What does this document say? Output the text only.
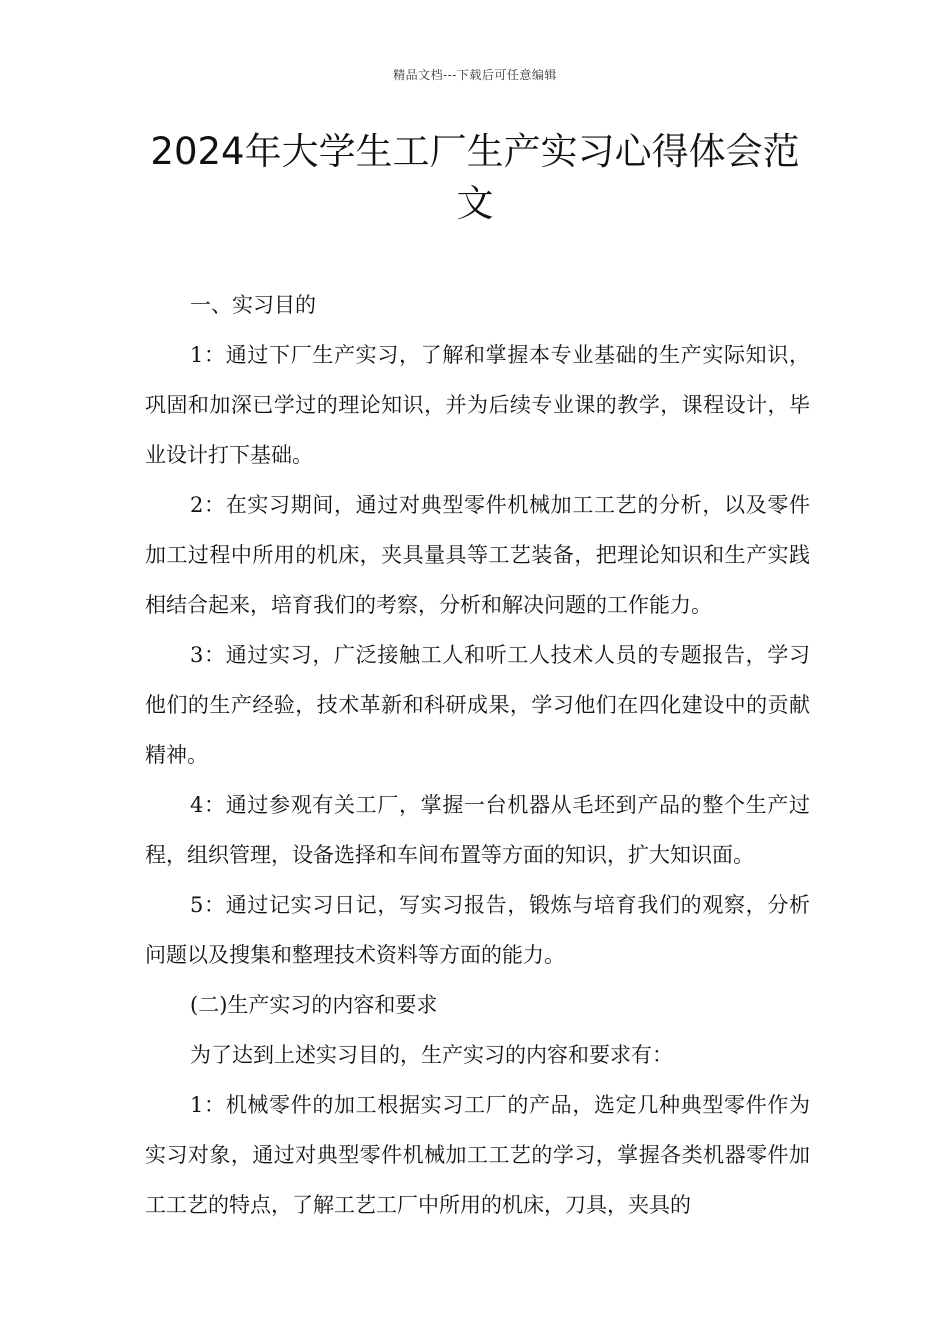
精品文档---下载后可任意编辑
2024年大学生工厂生产实习心得体会范文

一、实习目的

1：通过下厂生产实习，了解和掌握本专业基础的生产实际知识，巩固和加深已学过的理论知识，并为后续专业课的教学，课程设计，毕业设计打下基础。

2：在实习期间，通过对典型零件机械加工工艺的分析，以及零件加工过程中所用的机床，夹具量具等工艺装备，把理论知识和生产实践相结合起来，培育我们的考察，分析和解决问题的工作能力。

3：通过实习，广泛接触工人和听工人技术人员的专题报告，学习他们的生产经验，技术革新和科研成果，学习他们在四化建设中的贡献精神。

4：通过参观有关工厂，掌握一台机器从毛坯到产品的整个生产过程，组织管理，设备选择和车间布置等方面的知识，扩大知识面。

5：通过记实习日记，写实习报告，锻炼与培育我们的观察，分析问题以及搜集和整理技术资料等方面的能力。

(二)生产实习的内容和要求

为了达到上述实习目的，生产实习的内容和要求有：

1：机械零件的加工根据实习工厂的产品，选定几种典型零件作为实习对象，通过对典型零件机械加工工艺的学习，掌握各类机器零件加工工艺的特点，了解工艺工厂中所用的机床，刀具，夹具的
